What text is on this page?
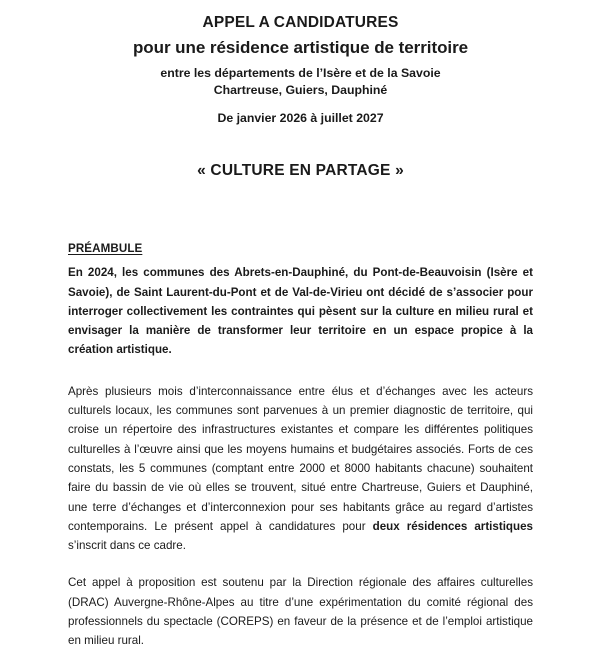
APPEL A CANDIDATURES
pour une résidence artistique de territoire

entre les départements de l’Isère et de la Savoie

Chartreuse, Guiers, Dauphiné

De janvier 2026 à juillet 2027

« CULTURE EN PARTAGE »

PRÉAMBULE

En 2024, les communes des Abrets-en-Dauphiné, du Pont-de-Beauvoisin (Isère et Savoie), de Saint Laurent-du-Pont et de Val-de-Virieu ont décidé de s’associer pour interroger collectivement les contraintes qui pèsent sur la culture en milieu rural et envisager la manière de transformer leur territoire en un espace propice à la création artistique.

Après plusieurs mois d’interconnaissance entre élus et d’échanges avec les acteurs culturels locaux, les communes sont parvenues à un premier diagnostic de territoire, qui croise un répertoire des infrastructures existantes et compare les différentes politiques culturelles à l’œuvre ainsi que les moyens humains et budgétaires associés. Forts de ces constats, les 5 communes (comptant entre 2000 et 8000 habitants chacune) souhaitent faire du bassin de vie où elles se trouvent, situé entre Chartreuse, Guiers et Dauphiné, une terre d’échanges et d’interconnexion pour ses habitants grâce au regard d’artistes contemporains. Le présent appel à candidatures pour deux résidences artistiques s’inscrit dans ce cadre.

Cet appel à proposition est soutenu par la Direction régionale des affaires culturelles (DRAC) Auvergne-Rhône-Alpes au titre d’une expérimentation du comité régional des professionnels du spectacle (COREPS) en faveur de la présence et de l’emploi artistique en milieu rural.
